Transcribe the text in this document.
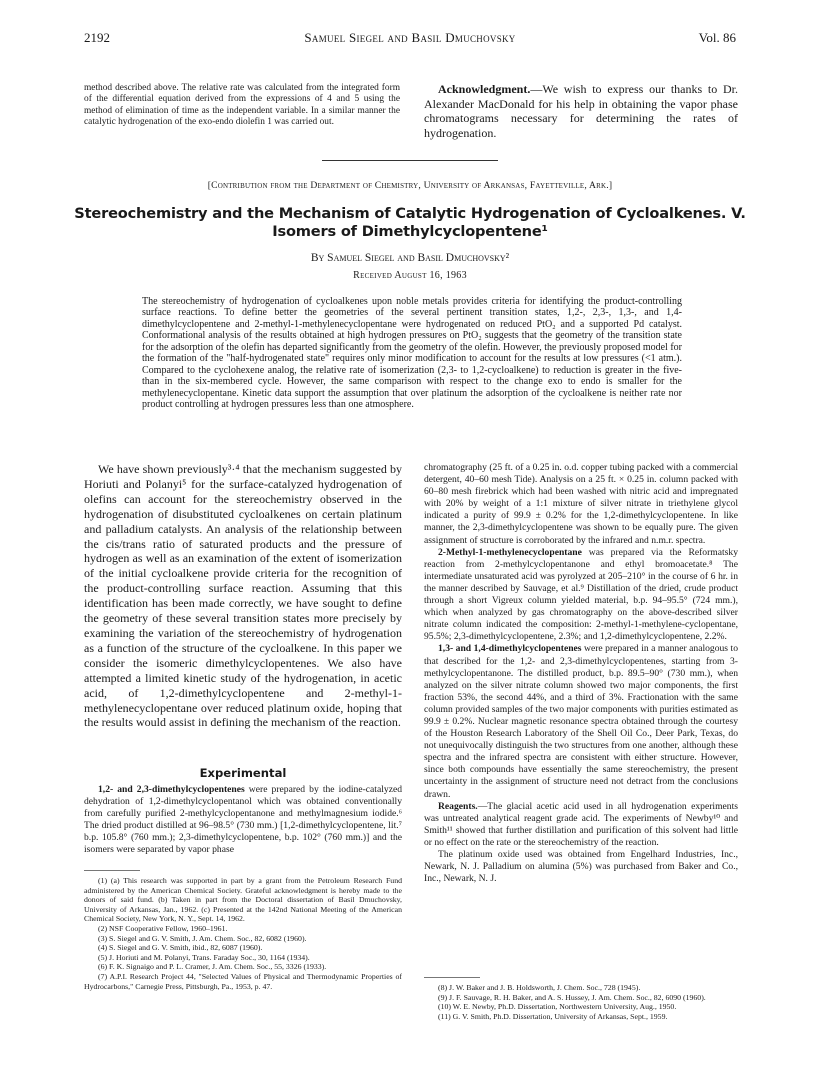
2192	Samuel Siegel and Basil Dmuchovsky	Vol. 86

method described above. The relative rate was calculated from the integrated form of the differential equation derived from the expressions of 4 and 5 using the method of elimination of time as the independent variable. In a similar manner the catalytic hydrogenation of the exo-endo diolefin 1 was carried out.

Acknowledgment.—We wish to express our thanks to Dr. Alexander MacDonald for his help in obtaining the vapor phase chromatograms necessary for determining the rates of hydrogenation.

[Contribution from the Department of Chemistry, University of Arkansas, Fayetteville, Ark.]
Stereochemistry and the Mechanism of Catalytic Hydrogenation of Cycloalkenes. V.
Isomers of Dimethylcyclopentene¹
By Samuel Siegel and Basil Dmuchovsky²
Received August 16, 1963
The stereochemistry of hydrogenation of cycloalkenes upon noble metals provides criteria for identifying the product-controlling surface reactions. To define better the geometries of the several pertinent transition states, 1,2-, 2,3-, 1,3-, and 1,4-dimethylcyclopentene and 2-methyl-1-methylenecyclopentane were hydrogenated on reduced PtO₂ and a supported Pd catalyst. Conformational analysis of the results obtained at high hydrogen pressures on PtO₂ suggests that the geometry of the transition state for the adsorption of the olefin has departed significantly from the geometry of the olefin. However, the previously proposed model for the formation of the "half-hydrogenated state" requires only minor modification to account for the results at low pressures (<1 atm.). Compared to the cyclohexene analog, the relative rate of isomerization (2,3- to 1,2-cycloalkene) to reduction is greater in the five- than in the six-membered cycle. However, the same comparison with respect to the change exo to endo is smaller for the methylenecyclopentane. Kinetic data support the assumption that over platinum the adsorption of the cycloalkene is neither rate nor product controlling at hydrogen pressures less than one atmosphere.

We have shown previously³·⁴ that the mechanism suggested by Horiuti and Polanyi⁵ for the surface-catalyzed hydrogenation of olefins can account for the stereochemistry observed in the hydrogenation of disubstituted cycloalkenes on certain platinum and palladium catalysts. An analysis of the relationship between the cis/trans ratio of saturated products and the pressure of hydrogen as well as an examination of the extent of isomerization of the initial cycloalkene provide criteria for the recognition of the product-controlling surface reaction. Assuming that this identification has been made correctly, we have sought to define the geometry of these several transition states more precisely by examining the variation of the stereochemistry of hydrogenation as a function of the structure of the cycloalkene. In this paper we consider the isomeric dimethylcyclopentenes. We also have attempted a limited kinetic study of the hydrogenation, in acetic acid, of 1,2-dimethylcyclopentene and 2-methyl-1-methylenecyclopentane over reduced platinum oxide, hoping that the results would assist in defining the mechanism of the reaction.

Experimental

1,2- and 2,3-dimethylcyclopentenes were prepared by the iodine-catalyzed dehydration of 1,2-dimethylcyclopentanol which was obtained conventionally from carefully purified 2-methylcyclopentanone and methylmagnesium iodide.⁶ The dried product distilled at 96–98.5° (730 mm.) [1,2-dimethylcyclopentene, lit.⁷ b.p. 105.8° (760 mm.); 2,3-dimethylcyclopentene, b.p. 102° (760 mm.)] and the isomers were separated by vapor phase

(1) (a) This research was supported in part by a grant from the Petroleum Research Fund administered by the American Chemical Society. Grateful acknowledgment is hereby made to the donors of said fund. (b) Taken in part from the Doctoral dissertation of Basil Dmuchovsky, University of Arkansas, Jan., 1962. (c) Presented at the 142nd National Meeting of the American Chemical Society, New York, N. Y., Sept. 14, 1962.

(2) NSF Cooperative Fellow, 1960–1961.

(3) S. Siegel and G. V. Smith, J. Am. Chem. Soc., 82, 6082 (1960).

(4) S. Siegel and G. V. Smith, ibid., 82, 6087 (1960).

(5) J. Horiuti and M. Polanyi, Trans. Faraday Soc., 30, 1164 (1934).

(6) F. K. Signaigo and P. L. Cramer, J. Am. Chem. Soc., 55, 3326 (1933).

(7) A.P.I. Research Project 44, "Selected Values of Physical and Thermodynamic Properties of Hydrocarbons," Carnegie Press, Pittsburgh, Pa., 1953, p. 47.

chromatography (25 ft. of a 0.25 in. o.d. copper tubing packed with a commercial detergent, 40–60 mesh Tide). Analysis on a 25 ft. × 0.25 in. column packed with 60–80 mesh firebrick which had been washed with nitric acid and impregnated with 20% by weight of a 1:1 mixture of silver nitrate in triethylene glycol indicated a purity of 99.9 ± 0.2% for the 1,2-dimethylcyclopentene. In like manner, the 2,3-dimethylcyclopentene was shown to be equally pure. The given assignment of structure is corroborated by the infrared and n.m.r. spectra.

2-Methyl-1-methylenecyclopentane was prepared via the Reformatsky reaction from 2-methylcyclopentanone and ethyl bromoacetate.⁸ The intermediate unsaturated acid was pyrolyzed at 205–210° in the course of 6 hr. in the manner described by Sauvage, et al.⁹ Distillation of the dried, crude product through a short Vigreux column yielded material, b.p. 94–95.5° (724 mm.), which when analyzed by gas chromatography on the above-described silver nitrate column indicated the composition: 2-methyl-1-methylene-cyclopentane, 95.5%; 2,3-dimethylcyclopentene, 2.3%; and 1,2-dimethylcyclopentene, 2.2%.

1,3- and 1,4-dimethylcyclopentenes were prepared in a manner analogous to that described for the 1,2- and 2,3-dimethylcyclopentenes, starting from 3-methylcyclopentanone. The distilled product, b.p. 89.5–90° (730 mm.), when analyzed on the silver nitrate column showed two major components, the first fraction 53%, the second 44%, and a third of 3%. Fractionation with the same column provided samples of the two major components with purities estimated as 99.9 ± 0.2%. Nuclear magnetic resonance spectra obtained through the courtesy of the Houston Research Laboratory of the Shell Oil Co., Deer Park, Texas, do not unequivocally distinguish the two structures from one another, although these spectra and the infrared spectra are consistent with either structure. However, since both compounds have essentially the same stereochemistry, the present uncertainty in the assignment of structure need not detract from the conclusions drawn.

Reagents.—The glacial acetic acid used in all hydrogenation experiments was untreated analytical reagent grade acid. The experiments of Newby¹⁰ and Smith¹¹ showed that further distillation and purification of this solvent had little or no effect on the rate or the stereochemistry of the reaction.

The platinum oxide used was obtained from Engelhard Industries, Inc., Newark, N. J. Palladium on alumina (5%) was purchased from Baker and Co., Inc., Newark, N. J.

(8) J. W. Baker and J. B. Holdsworth, J. Chem. Soc., 728 (1945).

(9) J. F. Sauvage, R. H. Baker, and A. S. Hussey, J. Am. Chem. Soc., 82, 6090 (1960).

(10) W. E. Newby, Ph.D. Dissertation, Northwestern University, Aug., 1950.

(11) G. V. Smith, Ph.D. Dissertation, University of Arkansas, Sept., 1959.
